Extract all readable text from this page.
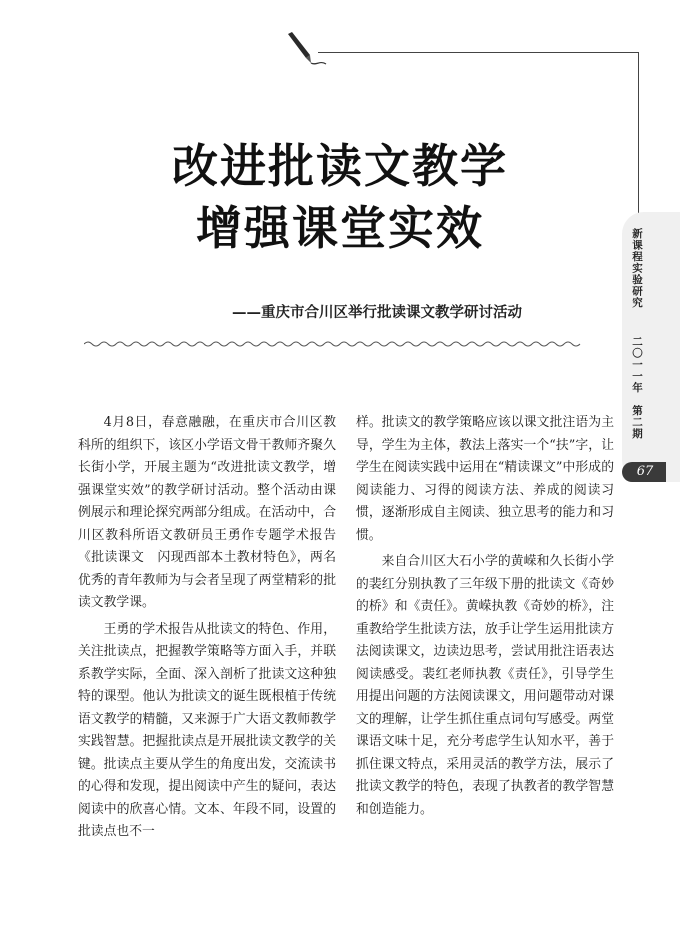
改进批读文教学
增强课堂实效
——重庆市合川区举行批读课文教学研讨活动

4月8日，春意融融，在重庆市合川区教科所的组织下，该区小学语文骨干教师齐聚久长街小学，开展主题为“改进批读文教学，增强课堂实效”的教学研讨活动。整个活动由课例展示和理论探究两部分组成。在活动中，合川区教科所语文教研员王勇作专题学术报告《批读课文　闪现西部本土教材特色》，两名优秀的青年教师为与会者呈现了两堂精彩的批读文教学课。

王勇的学术报告从批读文的特色、作用，关注批读点，把握教学策略等方面入手，并联系教学实际，全面、深入剖析了批读文这种独特的课型。他认为批读文的诞生既根植于传统语文教学的精髓，又来源于广大语文教师教学实践智慧。把握批读点是开展批读文教学的关键。批读点主要从学生的角度出发，交流读书的心得和发现，提出阅读中产生的疑问，表达阅读中的欣喜心情。文本、年段不同，设置的批读点也不一

样。批读文的教学策略应该以课文批注语为主导，学生为主体，教法上落实一个“扶”字，让学生在阅读实践中运用在“精读课文”中形成的阅读能力、习得的阅读方法、养成的阅读习惯，逐渐形成自主阅读、独立思考的能力和习惯。

来自合川区大石小学的黄嵘和久长街小学的裴红分别执教了三年级下册的批读文《奇妙的桥》和《责任》。黄嵘执教《奇妙的桥》，注重教给学生批读方法，放手让学生运用批读方法阅读课文，边读边思考，尝试用批注语表达阅读感受。裴红老师执教《责任》，引导学生用提出问题的方法阅读课文，用问题带动对课文的理解，让学生抓住重点词句写感受。两堂课语文味十足，充分考虑学生认知水平，善于抓住课文特点，采用灵活的教学方法，展示了批读文教学的特色，表现了执教者的教学智慧和创造能力。

新课程实验研究
二〇一一年　第二期
67
